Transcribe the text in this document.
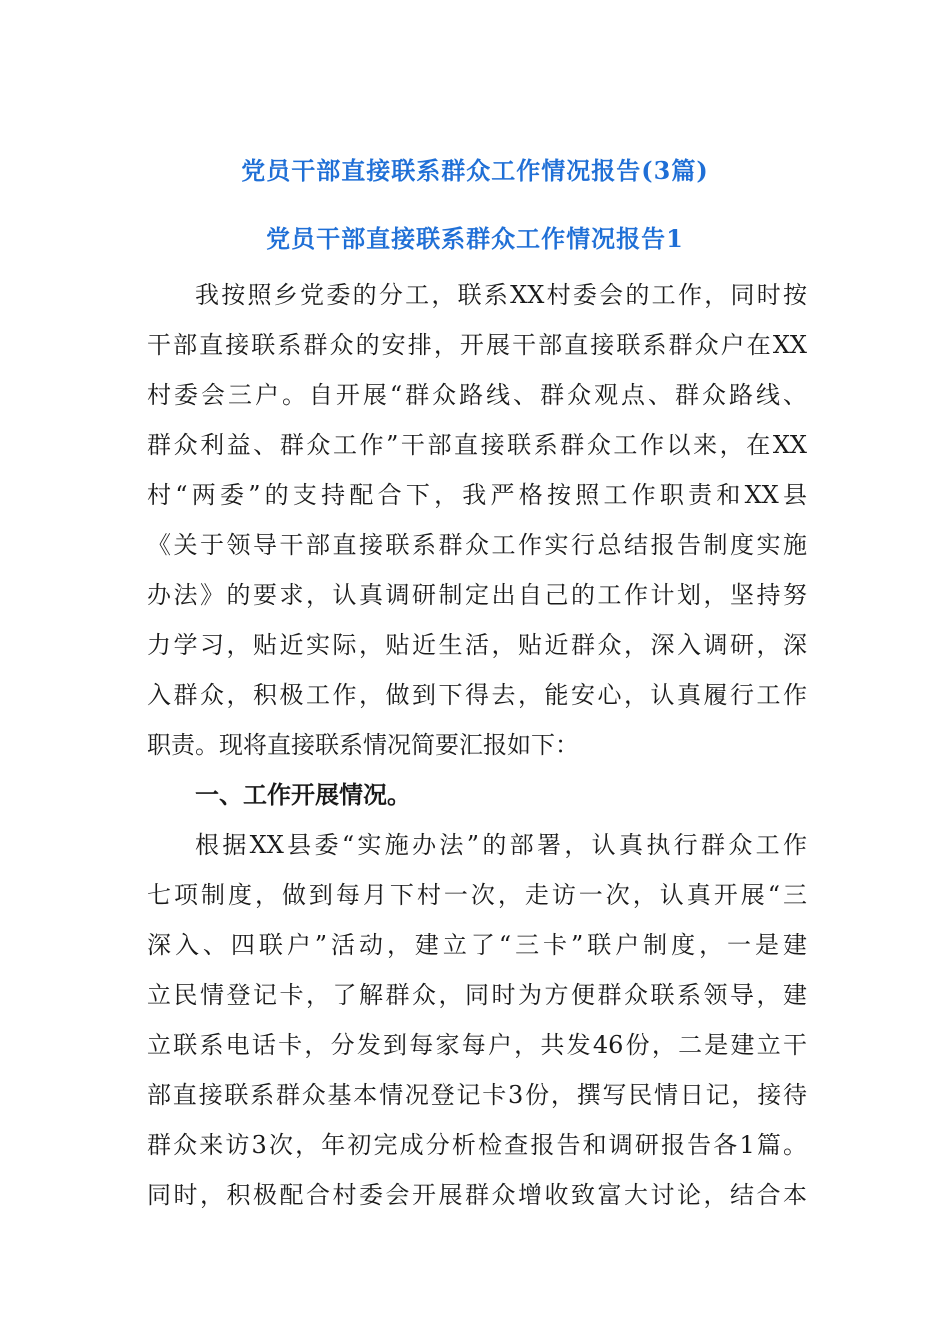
党员干部直接联系群众工作情况报告(3篇)
党员干部直接联系群众工作情况报告1
我按照乡党委的分工，联系XX村委会的工作，同时按
干部直接联系群众的安排，开展干部直接联系群众户在XX
村委会三户。自开展“群众路线、群众观点、群众路线、
群众利益、群众工作”干部直接联系群众工作以来，在XX
村“两委”的支持配合下，我严格按照工作职责和XX县
《关于领导干部直接联系群众工作实行总结报告制度实施
办法》的要求，认真调研制定出自己的工作计划，坚持努
力学习，贴近实际，贴近生活，贴近群众，深入调研，深
入群众，积极工作，做到下得去，能安心，认真履行工作
职责。现将直接联系情况简要汇报如下：
一、工作开展情况。
根据XX县委“实施办法”的部署，认真执行群众工作
七项制度，做到每月下村一次，走访一次，认真开展“三
深入、四联户”活动，建立了“三卡”联户制度，一是建
立民情登记卡，了解群众，同时为方便群众联系领导，建
立联系电话卡，分发到每家每户，共发46份，二是建立干
部直接联系群众基本情况登记卡3份，撰写民情日记，接待
群众来访3次，年初完成分析检查报告和调研报告各1篇。
同时，积极配合村委会开展群众增收致富大讨论，结合本
